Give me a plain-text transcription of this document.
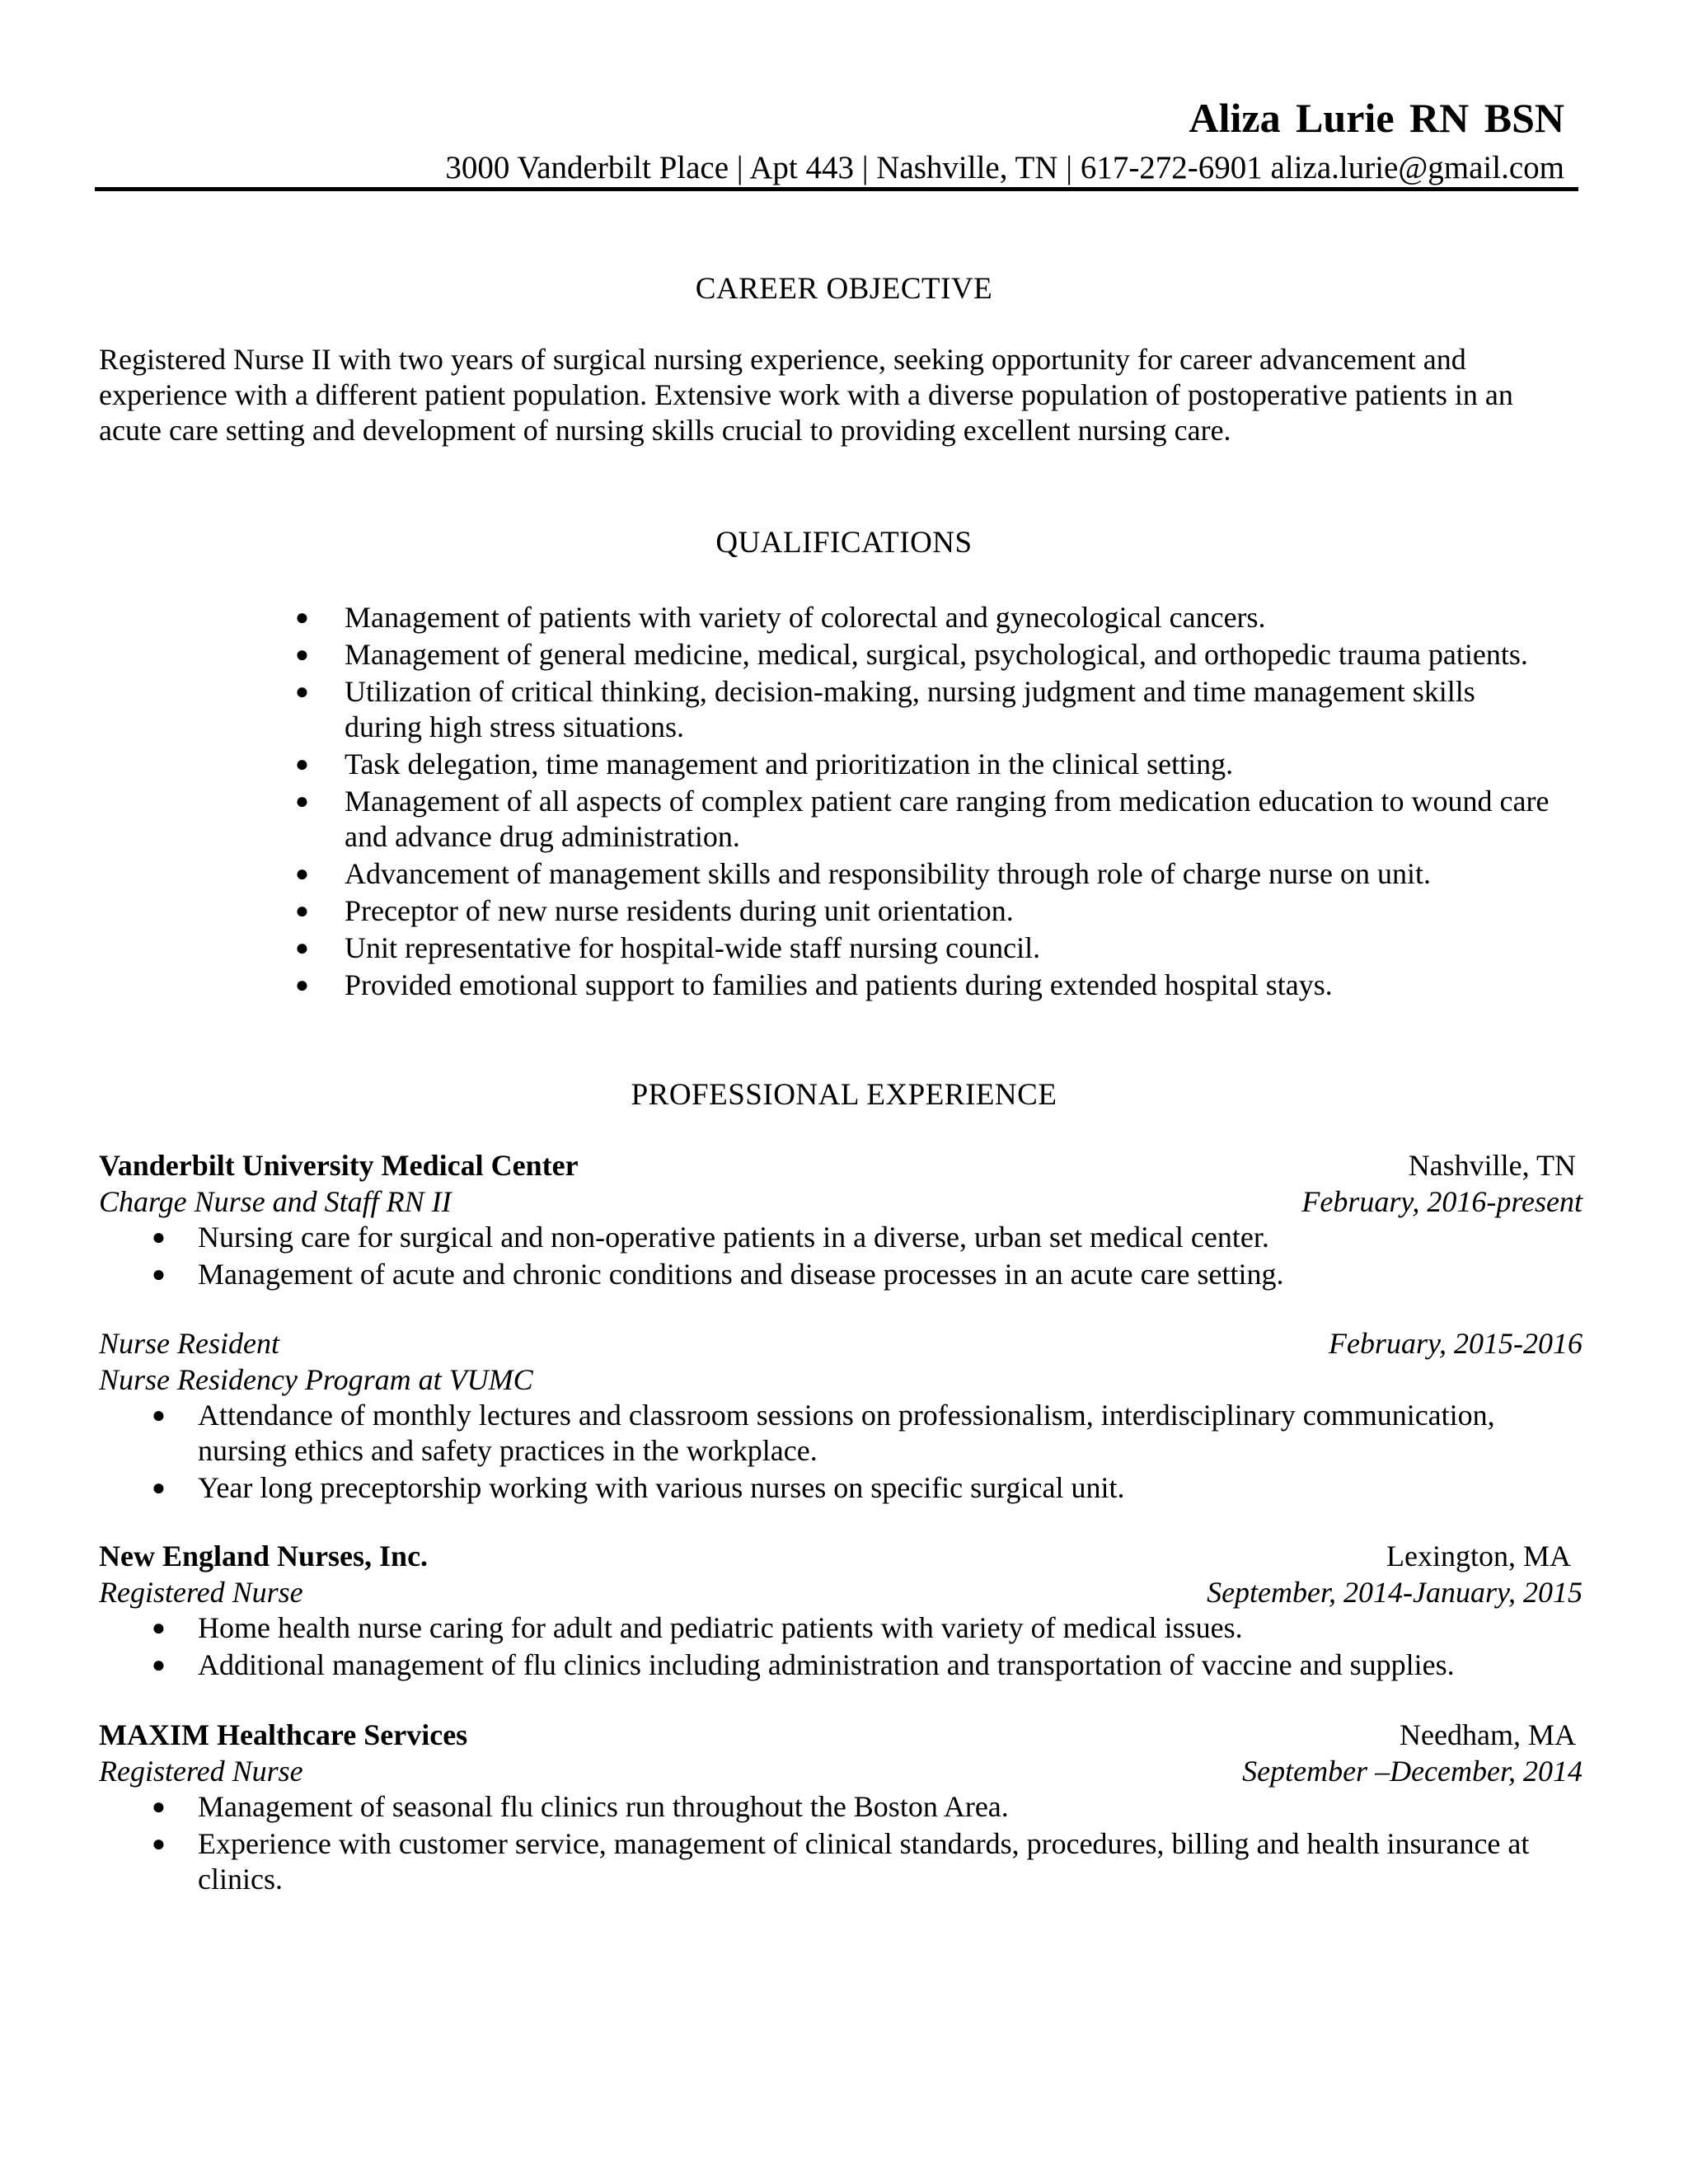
Aliza Lurie RN BSN
3000 Vanderbilt Place | Apt 443 | Nashville, TN | 617-272-6901 aliza.lurie@gmail.com
CAREER OBJECTIVE

Registered Nurse II with two years of surgical nursing experience, seeking opportunity for career advancement and
experience with a different patient population. Extensive work with a diverse population of postoperative patients in an
acute care setting and development of nursing skills crucial to providing excellent nursing care.

QUALIFICATIONS
● Management of patients with variety of colorectal and gynecological cancers.
● Management of general medicine, medical, surgical, psychological, and orthopedic trauma patients.
● Utilization of critical thinking, decision-making, nursing judgment and time management skills
during high stress situations.
● Task delegation, time management and prioritization in the clinical setting.
● Management of all aspects of complex patient care ranging from medication education to wound care
and advance drug administration.
● Advancement of management skills and responsibility through role of charge nurse on unit.
● Preceptor of new nurse residents during unit orientation.
● Unit representative for hospital-wide staff nursing council.
● Provided emotional support to families and patients during extended hospital stays.
PROFESSIONAL EXPERIENCE
Vanderbilt University Medical Center	Nashville, TN
Charge Nurse and Staff RN II	February, 2016-present
● Nursing care for surgical and non-operative patients in a diverse, urban set medical center.
● Management of acute and chronic conditions and disease processes in an acute care setting.
Nurse Resident	February, 2015-2016
Nurse Residency Program at VUMC
● Attendance of monthly lectures and classroom sessions on professionalism, interdisciplinary communication,
nursing ethics and safety practices in the workplace.
● Year long preceptorship working with various nurses on specific surgical unit.
New England Nurses, Inc.	Lexington, MA
Registered Nurse	September, 2014-January, 2015
● Home health nurse caring for adult and pediatric patients with variety of medical issues.
● Additional management of flu clinics including administration and transportation of vaccine and supplies.
MAXIM Healthcare Services	Needham, MA
Registered Nurse	September –December, 2014
● Management of seasonal flu clinics run throughout the Boston Area.
● Experience with customer service, management of clinical standards, procedures, billing and health insurance at
clinics.
